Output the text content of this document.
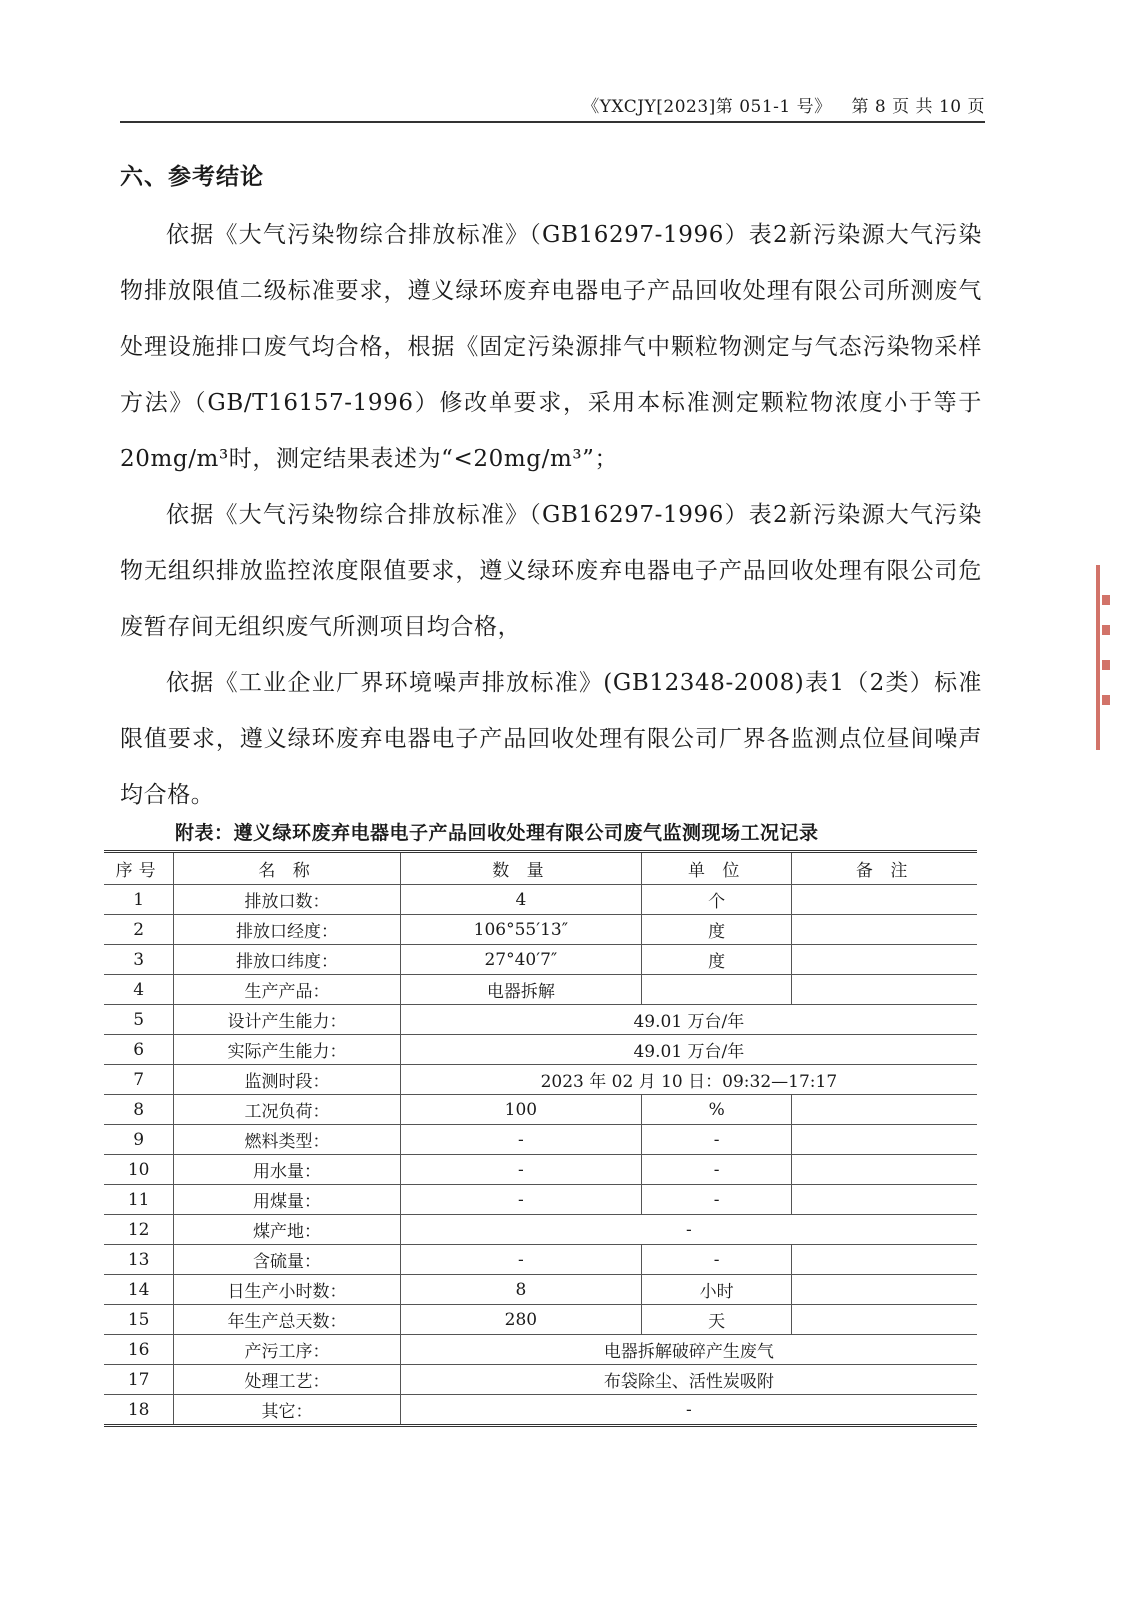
《YXCJY[2023]第 051-1 号》 第 8 页 共 10 页
六、参考结论

依据《大气污染物综合排放标准》（GB16297-1996）表2新污染源大气污染物排放限值二级标准要求，遵义绿环废弃电器电子产品回收处理有限公司所测废气处理设施排口废气均合格，根据《固定污染源排气中颗粒物测定与气态污染物采样方法》（GB/T16157-1996）修改单要求，采用本标准测定颗粒物浓度小于等于20mg/m³时，测定结果表述为“<20mg/m³”；

依据《大气污染物综合排放标准》（GB16297-1996）表2新污染源大气污染物无组织排放监控浓度限值要求，遵义绿环废弃电器电子产品回收处理有限公司危废暂存间无组织废气所测项目均合格，

依据《工业企业厂界环境噪声排放标准》(GB12348-2008)表1（2类）标准限值要求，遵义绿环废弃电器电子产品回收处理有限公司厂界各监测点位昼间噪声均合格。

附表：遵义绿环废弃电器电子产品回收处理有限公司废气监测现场工况记录
序号	名 称	数 量	单 位	备 注
1	排放口数：	4	个	
2	排放口经度：	106°55′13″	度	
3	排放口纬度：	27°40′7″	度	
4	生产产品：	电器拆解		
5	设计产生能力：	49.01 万台/年		
6	实际产生能力：	49.01 万台/年		
7	监测时段：	2023 年 02 月 10 日：09:32—17:17		
8	工况负荷：	100	%	
9	燃料类型：	-	-	
10	用水量：	-	-	
11	用煤量：	-	-	
12	煤产地：	-		
13	含硫量：	-	-	
14	日生产小时数：	8	小时	
15	年生产总天数：	280	天	
16	产污工序：	电器拆解破碎产生废气		
17	处理工艺：	布袋除尘、活性炭吸附		
18	其它：	-		
